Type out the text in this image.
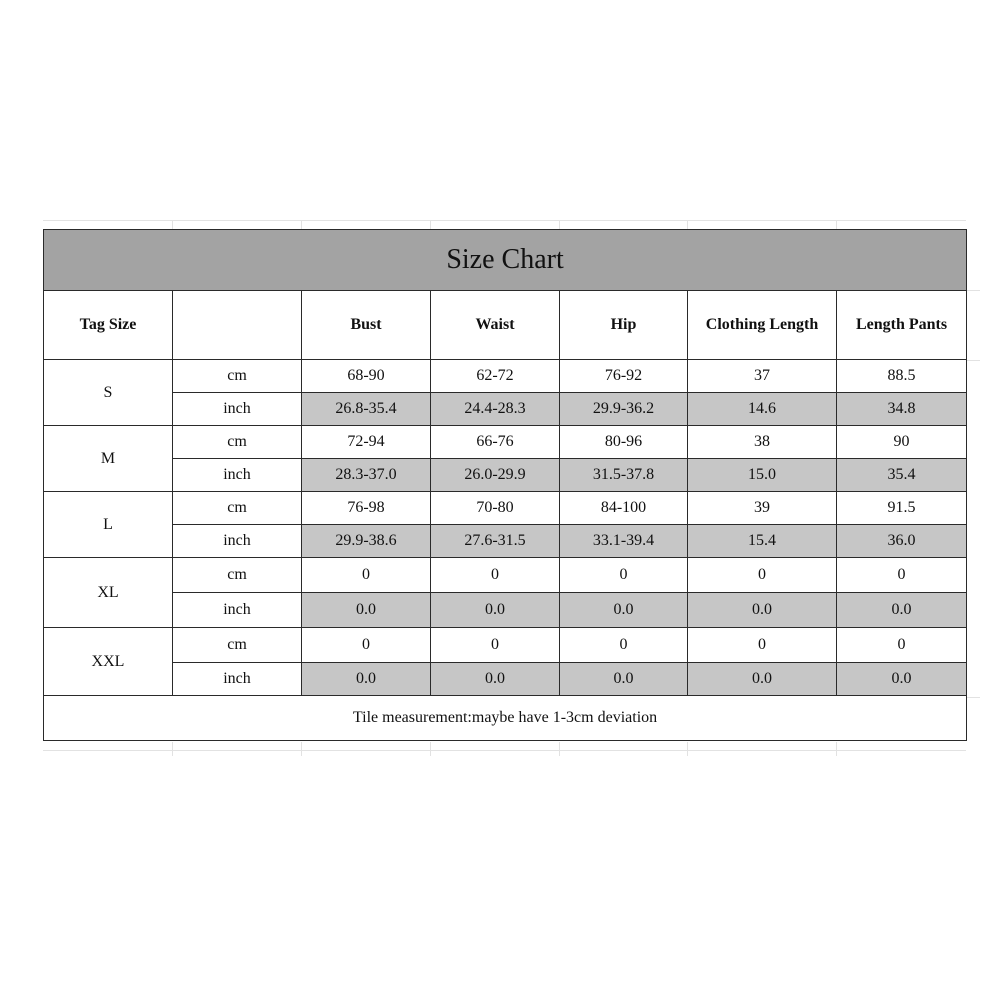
Size Chart						
Tag Size		Bust	Waist	Hip	Clothing Length	Length Pants
S	cm	68-90	62-72	76-92	37	88.5
	inch	26.8-35.4	24.4-28.3	29.9-36.2	14.6	34.8
M	cm	72-94	66-76	80-96	38	90
	inch	28.3-37.0	26.0-29.9	31.5-37.8	15.0	35.4
L	cm	76-98	70-80	84-100	39	91.5
	inch	29.9-38.6	27.6-31.5	33.1-39.4	15.4	36.0
XL	cm	0	0	0	0	0
	inch	0.0	0.0	0.0	0.0	0.0
XXL	cm	0	0	0	0	0
	inch	0.0	0.0	0.0	0.0	0.0
Tile measurement:maybe have 1-3cm deviation						
